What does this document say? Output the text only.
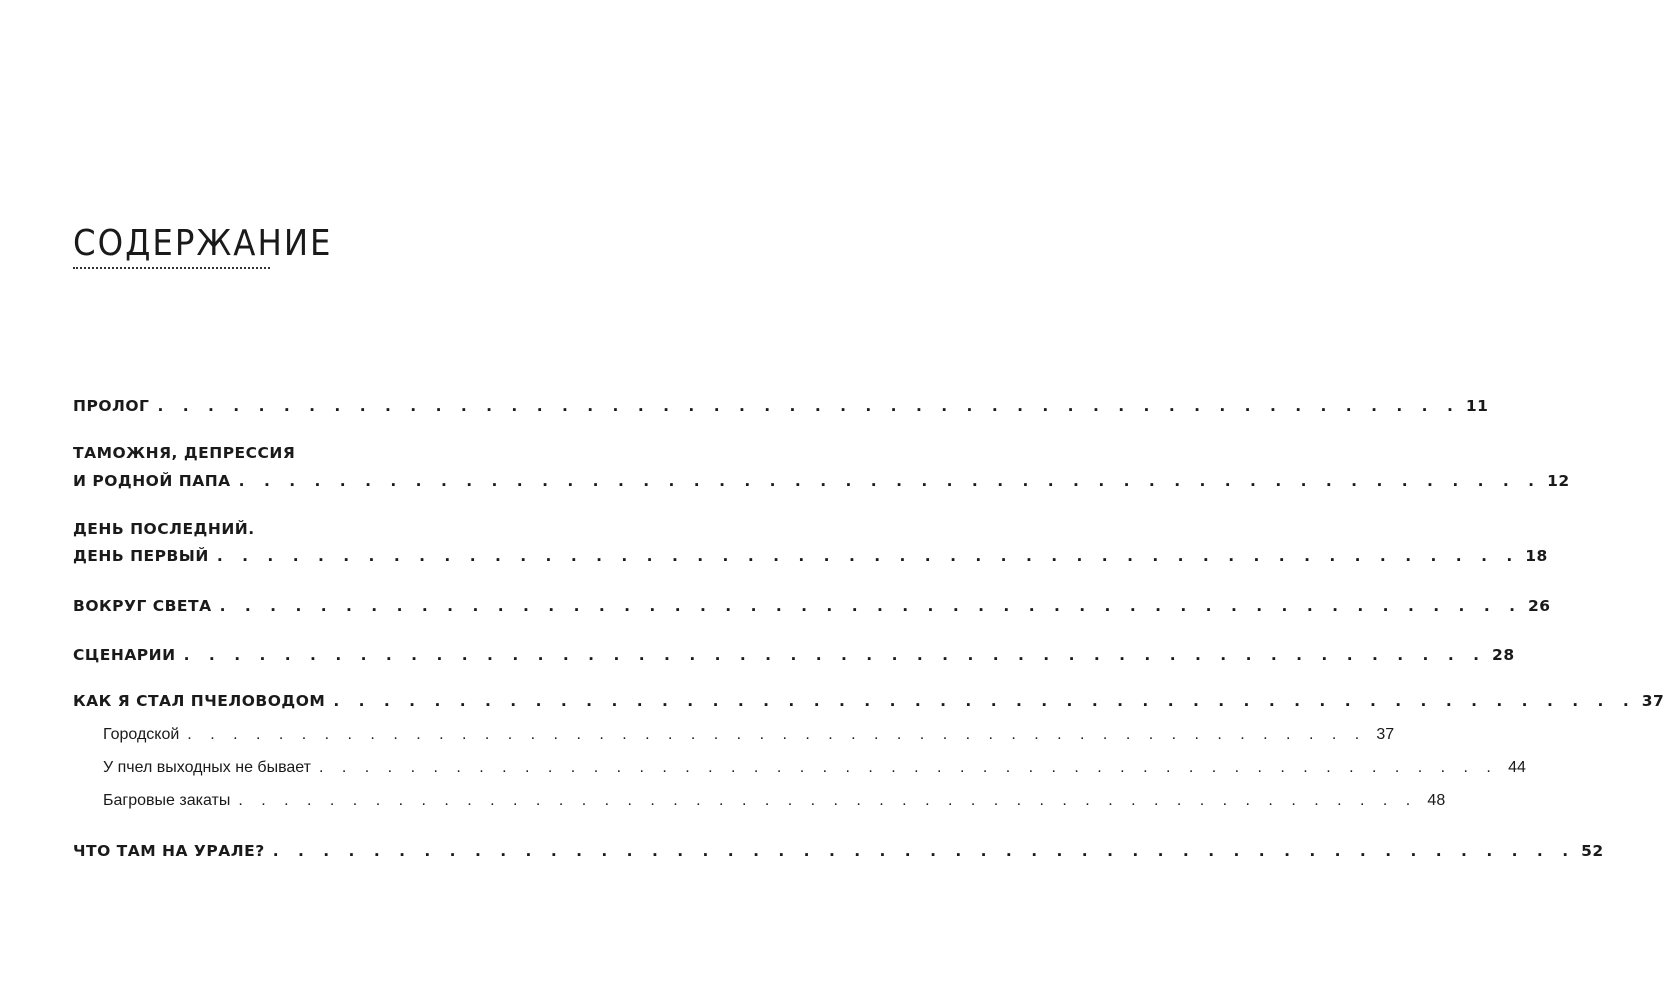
СОДЕРЖАНИЕ
ПРОЛОГ . . . . . . . . . . . . . . . . . . . . . . . . . . . . . . . . . . . . . . . . . . . . . . . . . . . . 11
ТАМОЖНЯ, ДЕПРЕССИЯ
И РОДНОЙ ПАПА . . . . . . . . . . . . . . . . . . . . . . . . . . . . . . . . . . . . . . . . . . . . . . . . . . . . 12
ДЕНЬ ПОСЛЕДНИЙ.
ДЕНЬ ПЕРВЫЙ . . . . . . . . . . . . . . . . . . . . . . . . . . . . . . . . . . . . . . . . . . . . . . . . . . . . 18
ВОКРУГ СВЕТА . . . . . . . . . . . . . . . . . . . . . . . . . . . . . . . . . . . . . . . . . . . . . . . . . . . . 26
СЦЕНАРИИ . . . . . . . . . . . . . . . . . . . . . . . . . . . . . . . . . . . . . . . . . . . . . . . . . . . . 28
КАК Я СТАЛ ПЧЕЛОВОДОМ . . . . . . . . . . . . . . . . . . . . . . . . . . . . . . . . . . . . . . . . . . . . . . . . . . . . 37
Городской . . . . . . . . . . . . . . . . . . . . . . . . . . . . . . . . . . . . . . . . . . . . . . . . . . . . 37
У пчел выходных не бывает . . . . . . . . . . . . . . . . . . . . . . . . . . . . . . . . . . . . . . . . . . . . . . . . . . . . 44
Багровые закаты . . . . . . . . . . . . . . . . . . . . . . . . . . . . . . . . . . . . . . . . . . . . . . . . . . . . 48
ЧТО ТАМ НА УРАЛЕ? . . . . . . . . . . . . . . . . . . . . . . . . . . . . . . . . . . . . . . . . . . . . . . . . . . . . 52
